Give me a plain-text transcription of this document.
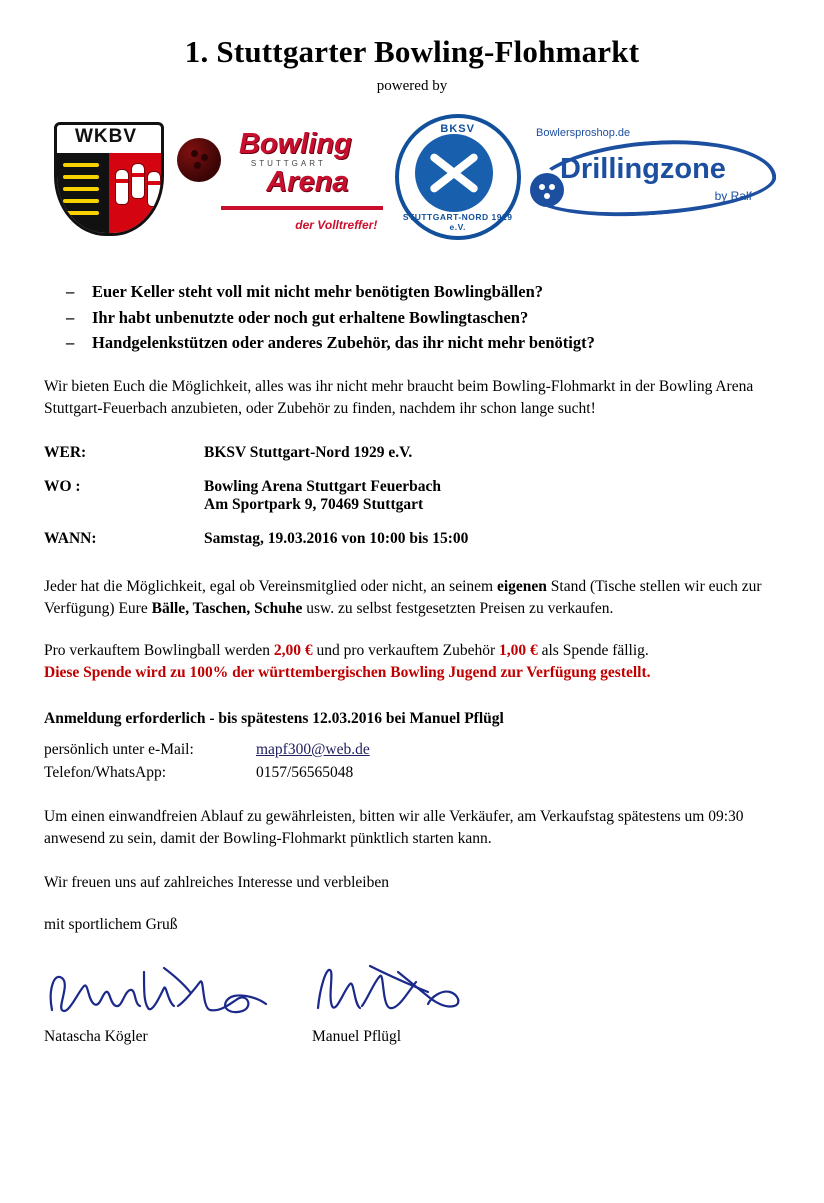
1. Stuttgarter Bowling-Flohmarkt
powered by
WKBV	Bowling
STUTTGART
Arena
der Volltreffer!
BKSV
STUTTGART-NORD 1929 e.V.
Bowlersproshop.de
Drillingzone
by Ralf
–	Euer Keller steht voll mit nicht mehr benötigten Bowlingbällen?
–	Ihr habt unbenutzte oder noch gut erhaltene Bowlingtaschen?
–	Handgelenkstützen oder anderes Zubehör, das ihr nicht mehr benötigt?
Wir bieten Euch die Möglichkeit, alles was ihr nicht mehr braucht beim Bowling-Flohmarkt in der Bowling Arena Stuttgart-Feuerbach anzubieten, oder Zubehör zu finden, nachdem ihr schon lange sucht!
WER:	BKSV Stuttgart-Nord 1929 e.V.
WO :	Bowling Arena Stuttgart Feuerbach
Am Sportpark 9, 70469 Stuttgart
WANN:	Samstag, 19.03.2016 von 10:00 bis 15:00
Jeder hat die Möglichkeit, egal ob Vereinsmitglied oder nicht, an seinem eigenen Stand (Tische stellen wir euch zur Verfügung) Eure Bälle, Taschen, Schuhe usw. zu selbst festgesetzten Preisen zu verkaufen.
Pro verkauftem Bowlingball werden 2,00 € und pro verkauftem Zubehör 1,00 € als Spende fällig.
Diese Spende wird zu 100% der württembergischen Bowling Jugend zur Verfügung gestellt.
Anmeldung erforderlich - bis spätestens 12.03.2016 bei Manuel Pflügl
persönlich unter e-Mail:	mapf300@web.de
Telefon/WhatsApp:	0157/56565048
Um einen einwandfreien Ablauf zu gewährleisten, bitten wir alle Verkäufer, am Verkaufstag spätestens um 09:30 anwesend zu sein, damit der Bowling-Flohmarkt pünktlich starten kann.
Wir freuen uns auf zahlreiches Interesse und verbleiben
mit sportlichem Gruß
Natascha Kögler	Manuel Pflügl
